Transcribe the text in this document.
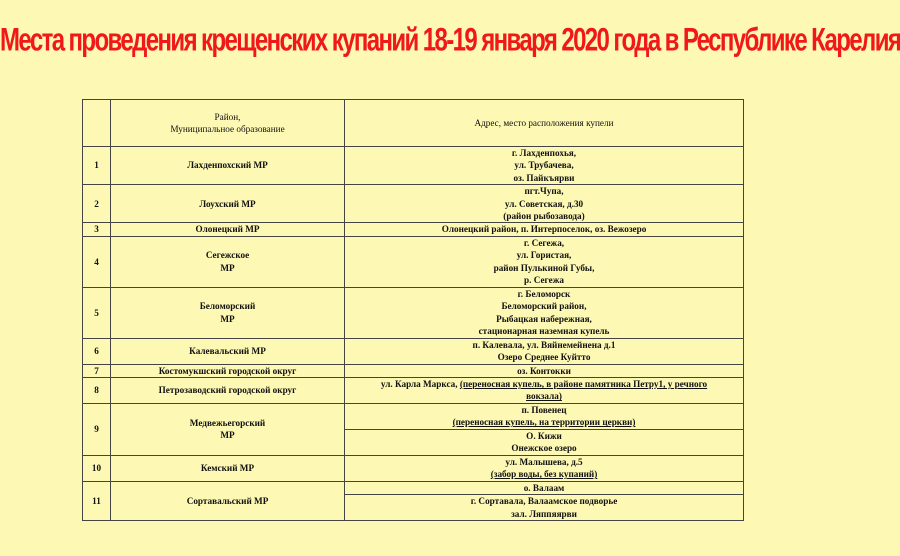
Места проведения крещенских купаний 18-19 января 2020 года в Республике Карелия
	Район,
Муниципальное образование	Адрес, место расположения купели
1	Лахденпохский МР	г. Лахденпохья,
ул. Трубачева,
оз. Пайкъярви
2	Лоухский МР	пгт.Чупа,
ул. Советская, д.30
(район рыбозавода)
3	Олонецкий МР	Олонецкий район, п. Интерпоселок, оз. Вежозеро
4	Сегежское
МР	г. Сегежа,
ул. Гористая,
район Пулькиной Губы,
р. Сегежа
5	Беломорский
МР	г. Беломорск
Беломорский район,
Рыбацкая набережная,
стационарная наземная купель
6	Калевальский МР	п. Калевала, ул. Вяйнемейнена д.1
Озеро Среднее Куйтто
7	Костомукшский городской округ	оз. Контокки
8	Петрозаводский городской округ	ул. Карла Маркса, (переносная купель, в районе памятника Петру1, у речного
вокзала)
9	Медвежьегорский
МР	п. Повенец
(переносная купель, на территории церкви)
		О. Кижи
Онежское озеро
10	Кемский МР	ул. Малышева, д.5
(забор воды, без купаний)
11	Сортавальский МР	о. Валаам
		г. Сортавала, Валаамское подворье
зал. Ляппяярви
